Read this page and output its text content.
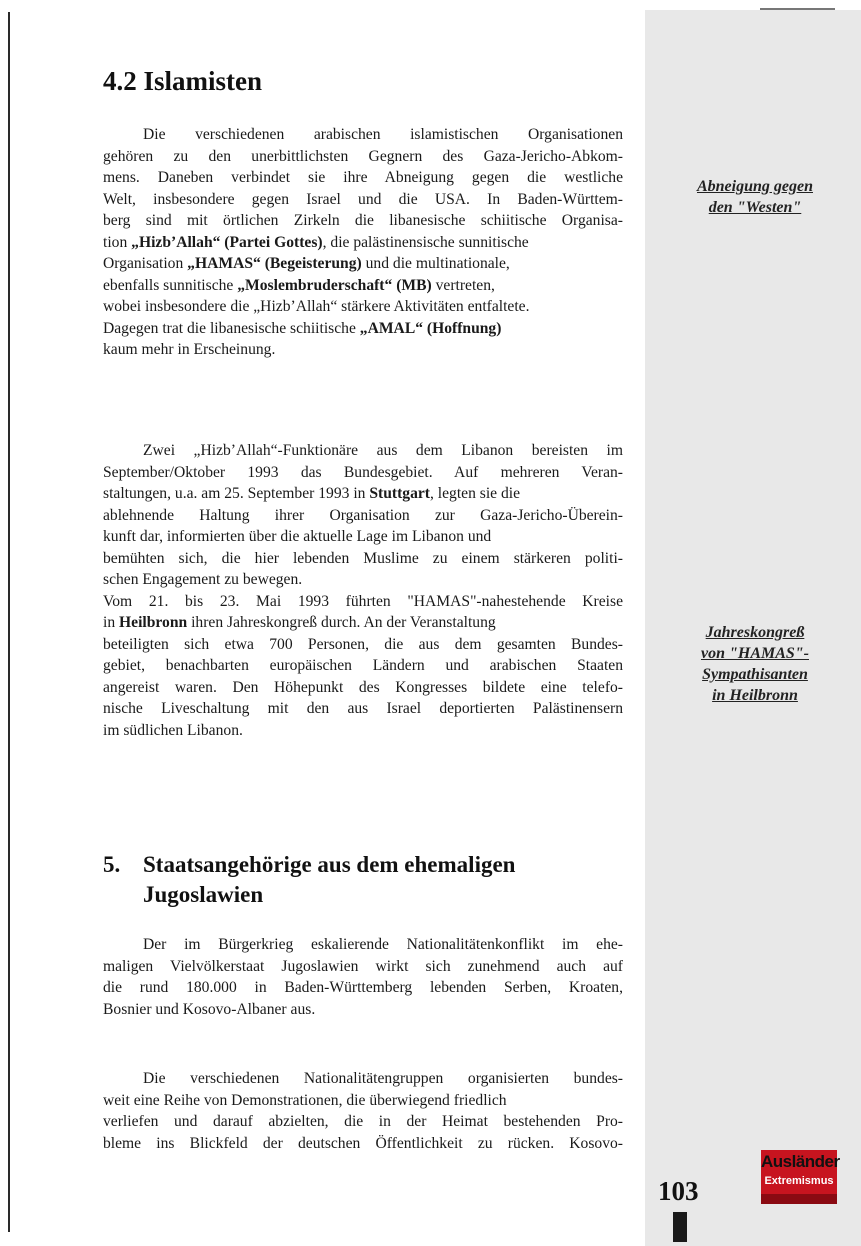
4.2 Islamisten
Die verschiedenen arabischen islamistischen Organisationen
gehören zu den unerbittlichsten Gegnern des Gaza-Jericho-Abkom-
mens. Daneben verbindet sie ihre Abneigung gegen die westliche
Welt, insbesondere gegen Israel und die USA. In Baden-Württem-
berg sind mit örtlichen Zirkeln die libanesische schiitische Organisa-
tion „Hizb’Allah“ (Partei Gottes), die palästinensische sunnitische
Organisation „HAMAS“ (Begeisterung) und die multinationale,
ebenfalls sunnitische „Moslembruderschaft“ (MB) vertreten,
wobei insbesondere die „Hizb’Allah“ stärkere Aktivitäten entfaltete.
Dagegen trat die libanesische schiitische „AMAL“ (Hoffnung)
kaum mehr in Erscheinung.
Zwei „Hizb’Allah“-Funktionäre aus dem Libanon bereisten im
September/Oktober 1993 das Bundesgebiet. Auf mehreren Veran-
staltungen, u.a. am 25. September 1993 in Stuttgart, legten sie die
ablehnende Haltung ihrer Organisation zur Gaza-Jericho-Überein-
kunft dar, informierten über die aktuelle Lage im Libanon und
bemühten sich, die hier lebenden Muslime zu einem stärkeren politi-
schen Engagement zu bewegen.
Vom 21. bis 23. Mai 1993 führten "HAMAS"-nahestehende Kreise
in Heilbronn ihren Jahreskongreß durch. An der Veranstaltung
beteiligten sich etwa 700 Personen, die aus dem gesamten Bundes-
gebiet, benachbarten europäischen Ländern und arabischen Staaten
angereist waren. Den Höhepunkt des Kongresses bildete eine telefo-
nische Liveschaltung mit den aus Israel deportierten Palästinensern
im südlichen Libanon.
5. Staatsangehörige aus dem ehemaligen
Jugoslawien
Der im Bürgerkrieg eskalierende Nationalitätenkonflikt im ehe-
maligen Vielvölkerstaat Jugoslawien wirkt sich zunehmend auch auf
die rund 180.000 in Baden-Württemberg lebenden Serben, Kroaten,
Bosnier und Kosovo-Albaner aus.
Die verschiedenen Nationalitätengruppen organisierten bundes-
weit eine Reihe von Demonstrationen, die überwiegend friedlich
verliefen und darauf abzielten, die in der Heimat bestehenden Pro-
bleme ins Blickfeld der deutschen Öffentlichkeit zu rücken. Kosovo-
Abneigung gegen
den "Westen"
Jahreskongreß
von "HAMAS"-
Sympathisanten
in Heilbronn
103
Ausländer
Extremismus
